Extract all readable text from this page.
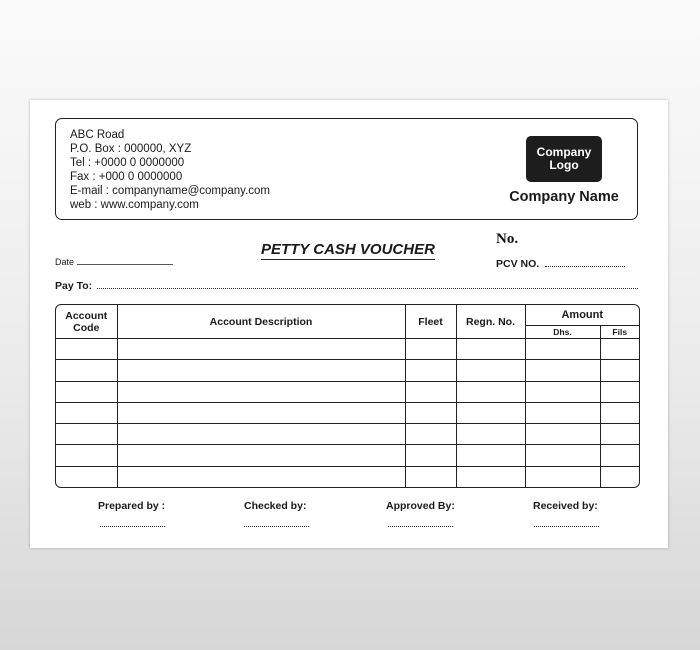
ABC Road
P.O. Box : 000000, XYZ
Tel : +0000 0 0000000
Fax : +000 0 0000000
E-mail : companyname@company.com
web : www.company.com
Company
Logo
Company Name
PETTY CASH VOUCHER
No.
PCV NO.
Date
Pay To:
Account
Code	Account Description	Fleet	Regn. No.	Amount	
				Dhs.	Fils

Prepared by :	Checked by:	Approved By:	Received by:
